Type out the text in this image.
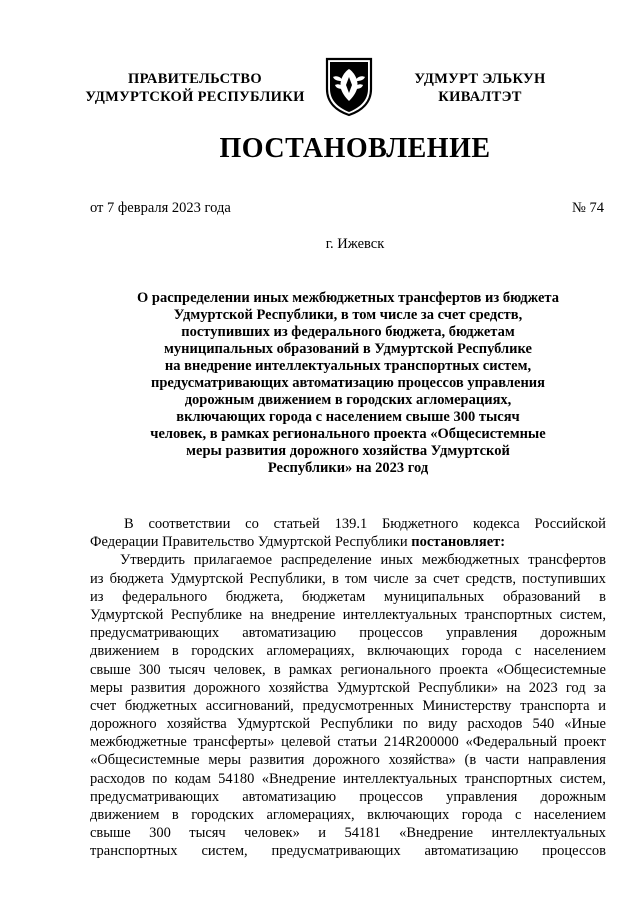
ПРАВИТЕЛЬСТВО
УДМУРТСКОЙ РЕСПУБЛИКИ
УДМУРТ ЭЛЬКУН
КИВАЛТЭТ
ПОСТАНОВЛЕНИЕ
от 7 февраля 2023 года	№ 74
г. Ижевск
О распределении иных межбюджетных трансфертов из бюджета
Удмуртской Республики, в том числе за счет средств,
поступивших из федерального бюджета, бюджетам
муниципальных образований в Удмуртской Республике
на внедрение интеллектуальных транспортных систем,
предусматривающих автоматизацию процессов управления
дорожным движением в городских агломерациях,
включающих города с населением свыше 300 тысяч
человек, в рамках регионального проекта «Общесистемные
меры развития дорожного хозяйства Удмуртской
Республики» на 2023 год
В соответствии со статьей 139.1 Бюджетного кодекса Российской
Федерации Правительство Удмуртской Республики постановляет:
Утвердить прилагаемое распределение иных межбюджетных трансфертов
из бюджета Удмуртской Республики, в том числе за счет средств, поступивших
из федерального бюджета, бюджетам муниципальных образований в
Удмуртской Республике на внедрение интеллектуальных транспортных систем,
предусматривающих автоматизацию процессов управления дорожным
движением в городских агломерациях, включающих города с населением
свыше 300 тысяч человек, в рамках регионального проекта «Общесистемные
меры развития дорожного хозяйства Удмуртской Республики» на 2023 год за
счет бюджетных ассигнований, предусмотренных Министерству транспорта и
дорожного хозяйства Удмуртской Республики по виду расходов 540 «Иные
межбюджетные трансферты» целевой статьи 214R200000 «Федеральный проект
«Общесистемные меры развития дорожного хозяйства» (в части направления
расходов по кодам 54180 «Внедрение интеллектуальных транспортных систем,
предусматривающих автоматизацию процессов управления дорожным
движением в городских агломерациях, включающих города с населением
свыше 300 тысяч человек» и 54181 «Внедрение интеллектуальных
транспортных систем, предусматривающих автоматизацию процессов
